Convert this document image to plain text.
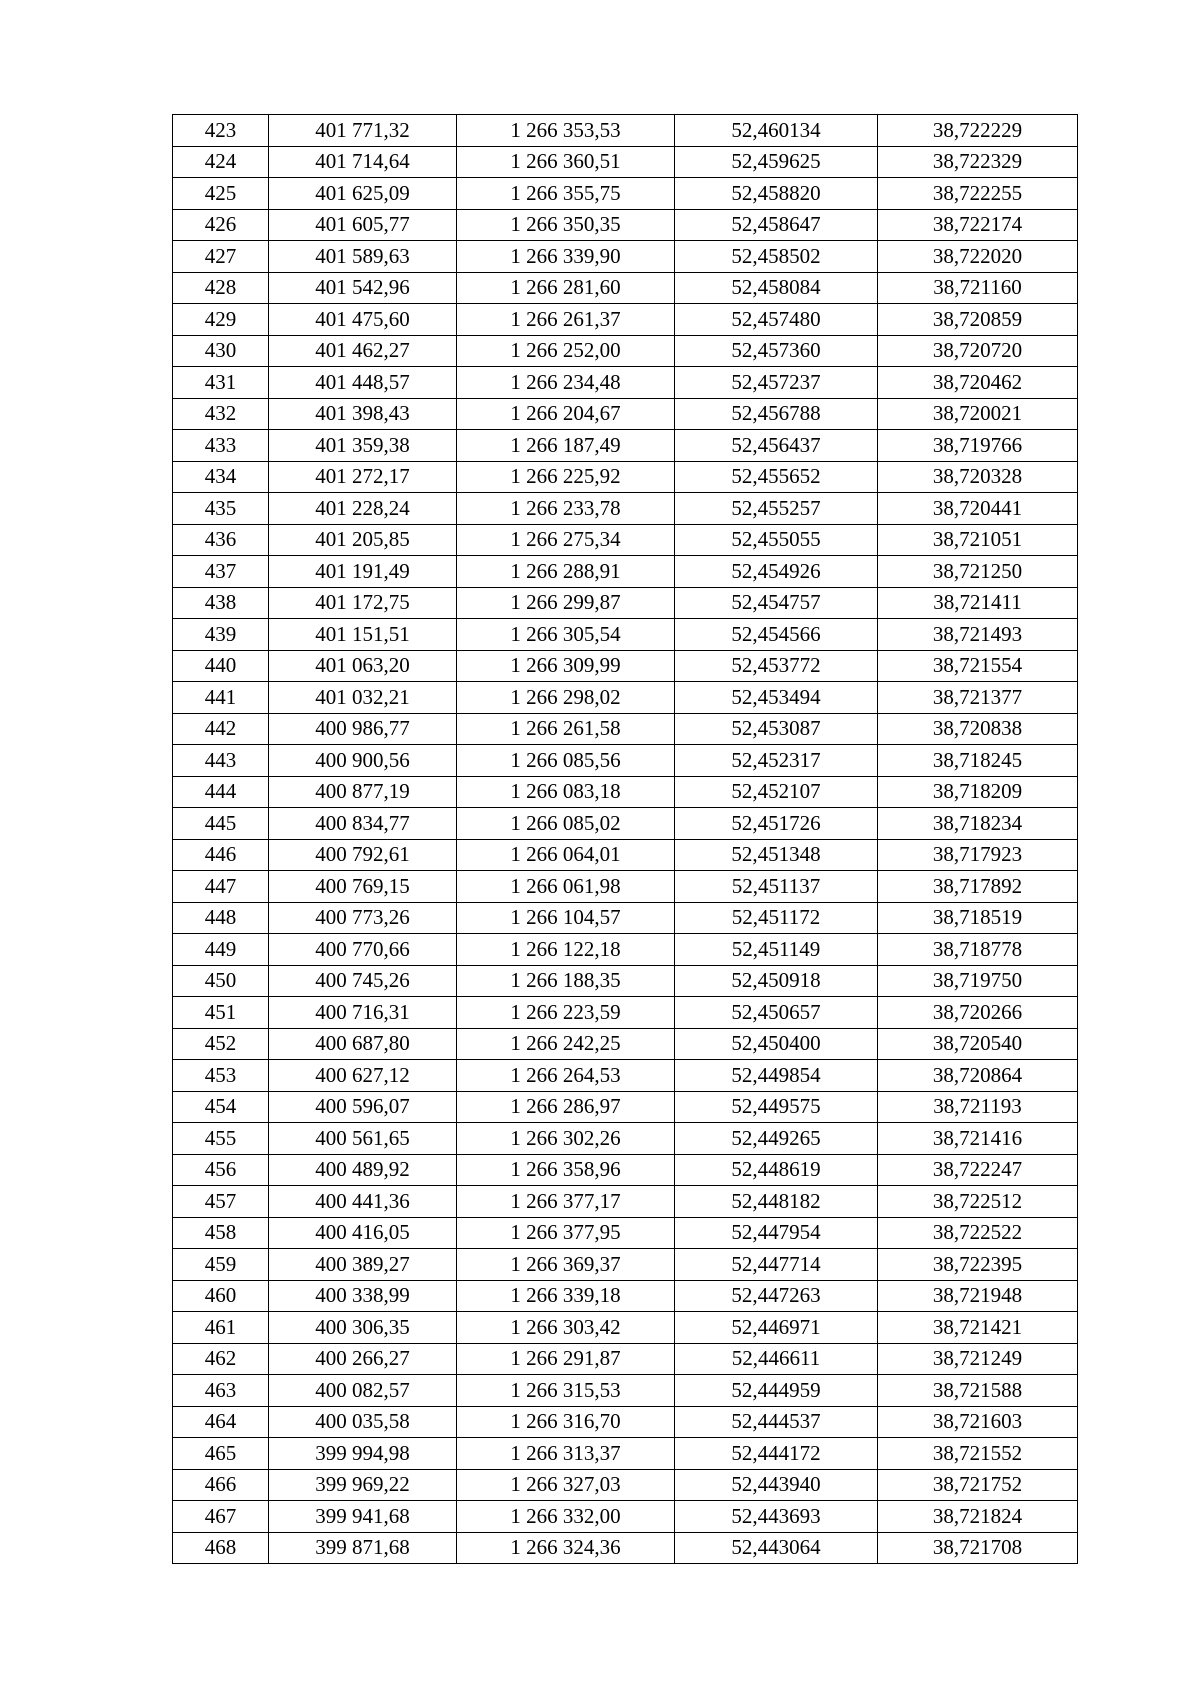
423	401 771,32	1 266 353,53	52,460134	38,722229
424	401 714,64	1 266 360,51	52,459625	38,722329
425	401 625,09	1 266 355,75	52,458820	38,722255
426	401 605,77	1 266 350,35	52,458647	38,722174
427	401 589,63	1 266 339,90	52,458502	38,722020
428	401 542,96	1 266 281,60	52,458084	38,721160
429	401 475,60	1 266 261,37	52,457480	38,720859
430	401 462,27	1 266 252,00	52,457360	38,720720
431	401 448,57	1 266 234,48	52,457237	38,720462
432	401 398,43	1 266 204,67	52,456788	38,720021
433	401 359,38	1 266 187,49	52,456437	38,719766
434	401 272,17	1 266 225,92	52,455652	38,720328
435	401 228,24	1 266 233,78	52,455257	38,720441
436	401 205,85	1 266 275,34	52,455055	38,721051
437	401 191,49	1 266 288,91	52,454926	38,721250
438	401 172,75	1 266 299,87	52,454757	38,721411
439	401 151,51	1 266 305,54	52,454566	38,721493
440	401 063,20	1 266 309,99	52,453772	38,721554
441	401 032,21	1 266 298,02	52,453494	38,721377
442	400 986,77	1 266 261,58	52,453087	38,720838
443	400 900,56	1 266 085,56	52,452317	38,718245
444	400 877,19	1 266 083,18	52,452107	38,718209
445	400 834,77	1 266 085,02	52,451726	38,718234
446	400 792,61	1 266 064,01	52,451348	38,717923
447	400 769,15	1 266 061,98	52,451137	38,717892
448	400 773,26	1 266 104,57	52,451172	38,718519
449	400 770,66	1 266 122,18	52,451149	38,718778
450	400 745,26	1 266 188,35	52,450918	38,719750
451	400 716,31	1 266 223,59	52,450657	38,720266
452	400 687,80	1 266 242,25	52,450400	38,720540
453	400 627,12	1 266 264,53	52,449854	38,720864
454	400 596,07	1 266 286,97	52,449575	38,721193
455	400 561,65	1 266 302,26	52,449265	38,721416
456	400 489,92	1 266 358,96	52,448619	38,722247
457	400 441,36	1 266 377,17	52,448182	38,722512
458	400 416,05	1 266 377,95	52,447954	38,722522
459	400 389,27	1 266 369,37	52,447714	38,722395
460	400 338,99	1 266 339,18	52,447263	38,721948
461	400 306,35	1 266 303,42	52,446971	38,721421
462	400 266,27	1 266 291,87	52,446611	38,721249
463	400 082,57	1 266 315,53	52,444959	38,721588
464	400 035,58	1 266 316,70	52,444537	38,721603
465	399 994,98	1 266 313,37	52,444172	38,721552
466	399 969,22	1 266 327,03	52,443940	38,721752
467	399 941,68	1 266 332,00	52,443693	38,721824
468	399 871,68	1 266 324,36	52,443064	38,721708
